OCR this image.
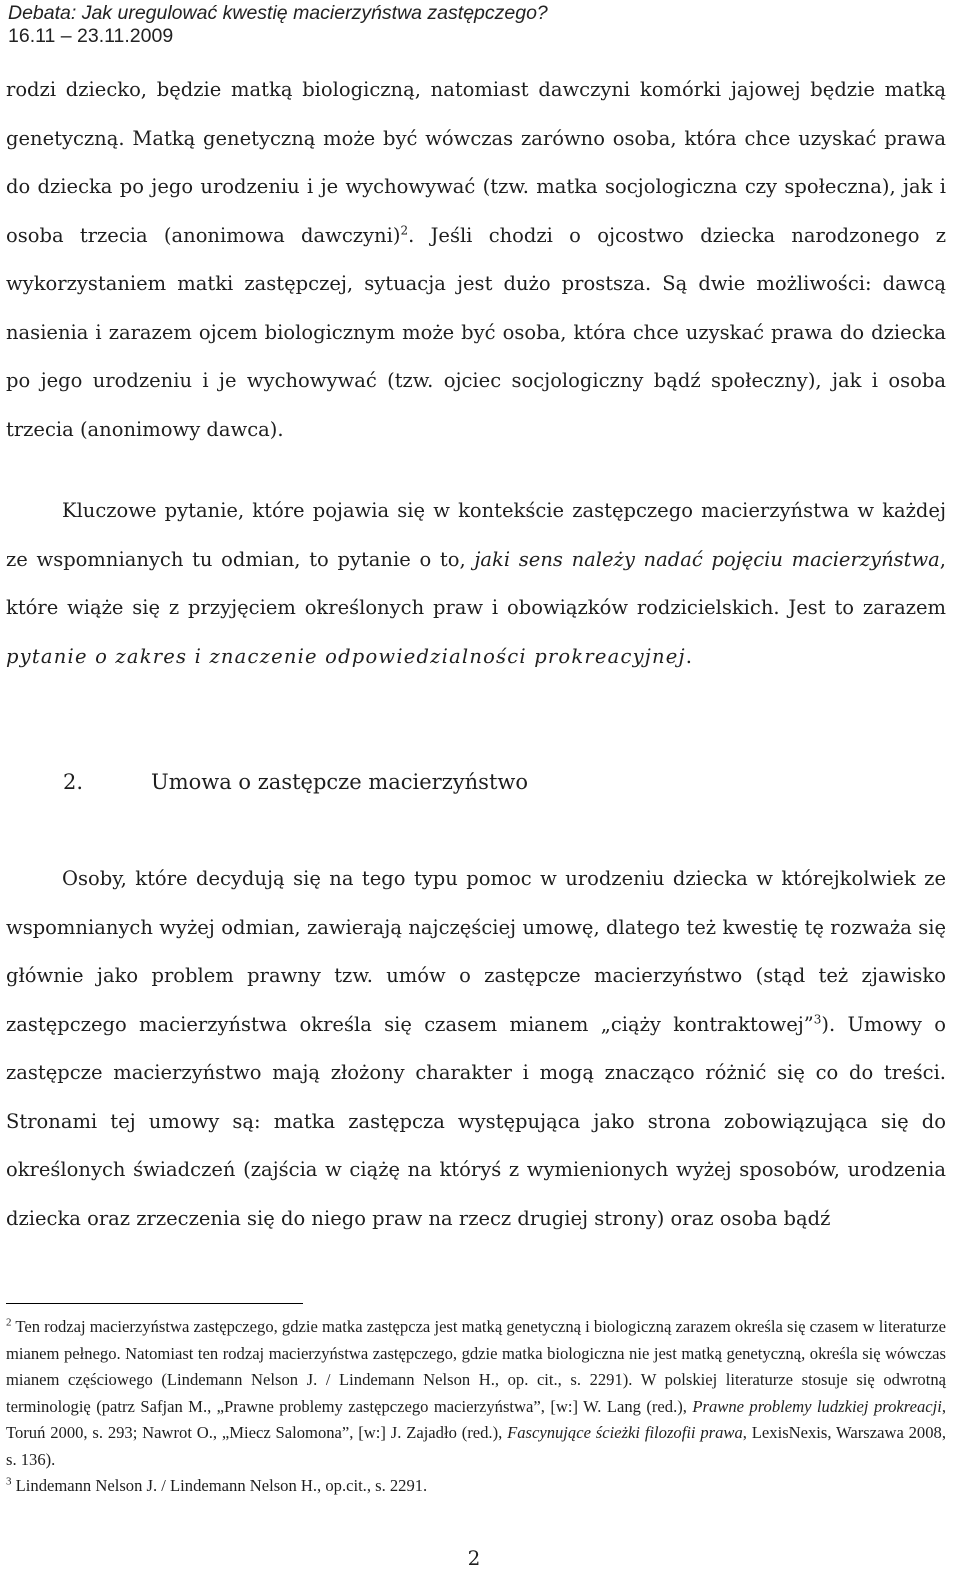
Debata: Jak uregulować kwestię macierzyństwa zastępczego?
16.11 – 23.11.2009
rodzi dziecko, będzie matką biologiczną, natomiast dawczyni komórki jajowej będzie matką genetyczną. Matką genetyczną może być wówczas zarówno osoba, która chce uzyskać prawa do dziecka po jego urodzeniu i je wychowywać (tzw. matka socjologiczna czy społeczna), jak i osoba trzecia (anonimowa dawczyni)$^2$. Jeśli chodzi o ojcostwo dziecka narodzonego z wykorzystaniem matki zastępczej, sytuacja jest dużo prostsza. Są dwie możliwości: dawcą nasienia i zarazem ojcem biologicznym może być osoba, która chce uzyskać prawa do dziecka po jego urodzeniu i je wychowywać (tzw. ojciec socjologiczny bądź społeczny), jak i osoba trzecia (anonimowy dawca).
Kluczowe pytanie, które pojawia się w kontekście zastępczego macierzyństwa w każdej ze wspomnianych tu odmian, to pytanie o to, jaki sens należy nadać pojęciu macierzyństwa, które wiąże się z przyjęciem określonych praw i obowiązków rodzicielskich. Jest to zarazem pytanie o zakres i znaczenie odpowiedzialności prokreacyjnej.
2.	Umowa o zastępcze macierzyństwo
Osoby, które decydują się na tego typu pomoc w urodzeniu dziecka w którejkolwiek ze wspomnianych wyżej odmian, zawierają najczęściej umowę, dlatego też kwestię tę rozważa się głównie jako problem prawny tzw. umów o zastępcze macierzyństwo (stąd też zjawisko zastępczego macierzyństwa określa się czasem mianem „ciąży kontraktowej”$^3$). Umowy o zastępcze macierzyństwo mają złożony charakter i mogą znacząco różnić się co do treści. Stronami tej umowy są: matka zastępcza występująca jako strona zobowiązująca się do określonych świadczeń (zajścia w ciążę na któryś z wymienionych wyżej sposobów, urodzenia dziecka oraz zrzeczenia się do niego praw na rzecz drugiej strony) oraz osoba bądź

$^2$ Ten rodzaj macierzyństwa zastępczego, gdzie matka zastępcza jest matką genetyczną i biologiczną zarazem określa się czasem w literaturze mianem pełnego. Natomiast ten rodzaj macierzyństwa zastępczego, gdzie matka biologiczna nie jest matką genetyczną, określa się wówczas mianem częściowego (Lindemann Nelson J. / Lindemann Nelson H., op. cit., s. 2291). W polskiej literaturze stosuje się odwrotną terminologię (patrz Safjan M., „Prawne problemy zastępczego macierzyństwa”, [w:] W. Lang (red.), Prawne problemy ludzkiej prokreacji, Toruń 2000, s. 293; Nawrot O., „Miecz Salomona”, [w:] J. Zajadło (red.), Fascynujące ścieżki filozofii prawa, LexisNexis, Warszawa 2008, s. 136).

$^3$ Lindemann Nelson J. / Lindemann Nelson H., op.cit., s. 2291.

2
